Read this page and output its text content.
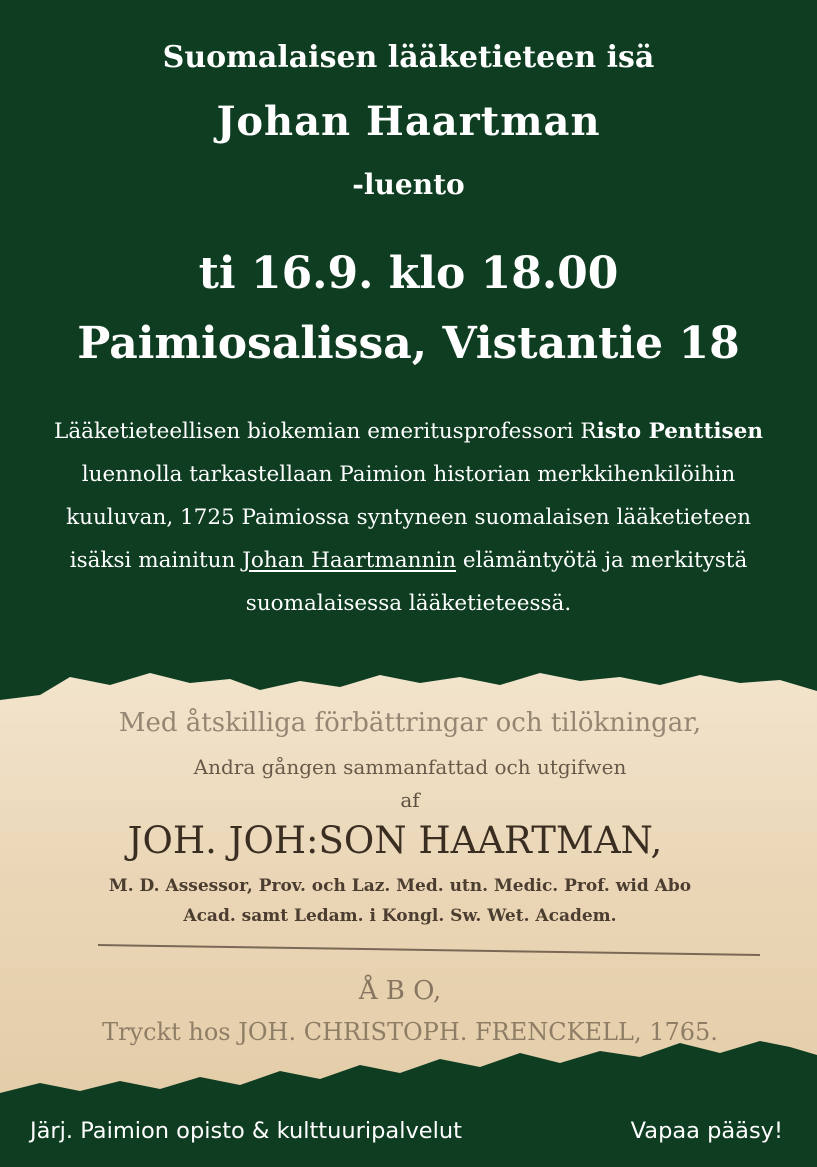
Suomalaisen lääketieteen isä
Johan Haartman
-luento
ti 16.9. klo 18.00
Paimiosalissa, Vistantie 18
Lääketieteellisen biokemian emeritusprofessori Risto Penttisen luennolla tarkastellaan Paimion historian merkkihenkilöihin kuuluvan, 1725 Paimiossa syntyneen suomalaisen lääketieteen isäksi mainitun Johan Haartmannin elämäntyötä ja merkitystä suomalaisessa lääketieteessä.
Med åtskilliga förbättringar och tilökningar,
Andra gången sammanfattad och utgifwen
af
JOH. JOH:SON HAARTMAN,
M. D. Assessor, Prov. och Laz. Med. utn. Medic. Prof. wid Abo
Acad. samt Ledam. i Kongl. Sw. Wet. Academ.
Å B O,
Tryckt hos JOH. CHRISTOPH. FRENCKELL, 1765.
Järj. Paimion opisto & kulttuuripalvelut	Vapaa pääsy!
